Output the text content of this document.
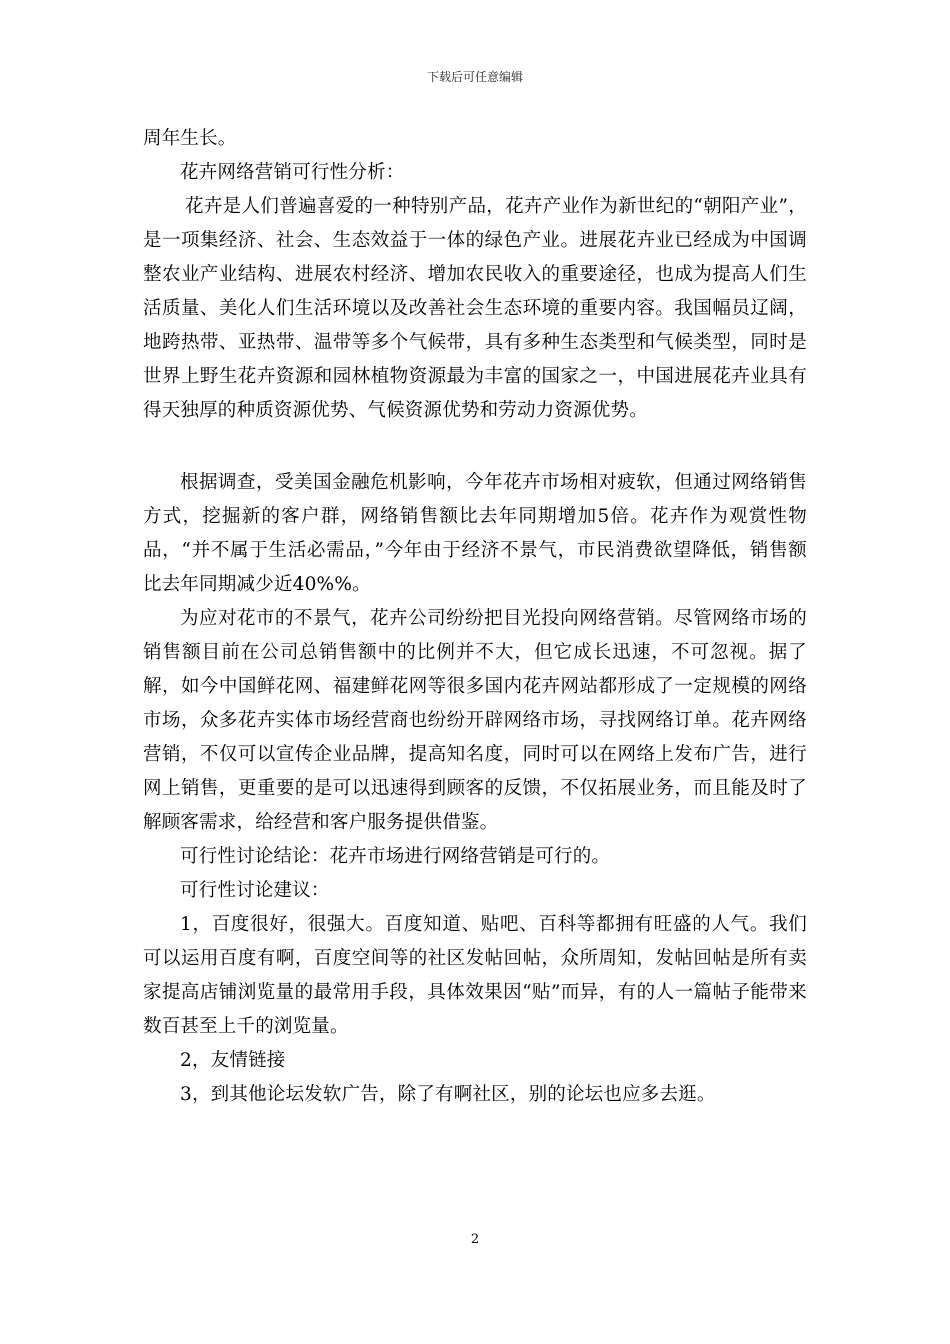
下载后可任意编辑

周年生长。

花卉网络营销可行性分析：

花卉是人们普遍喜爱的一种特别产品，花卉产业作为新世纪的“朝阳产业”，是一项集经济、社会、生态效益于一体的绿色产业。进展花卉业已经成为中国调整农业产业结构、进展农村经济、增加农民收入的重要途径，也成为提高人们生活质量、美化人们生活环境以及改善社会生态环境的重要内容。我国幅员辽阔，地跨热带、亚热带、温带等多个气候带，具有多种生态类型和气候类型，同时是世界上野生花卉资源和园林植物资源最为丰富的国家之一，中国进展花卉业具有得天独厚的种质资源优势、气候资源优势和劳动力资源优势。

根据调查，受美国金融危机影响，今年花卉市场相对疲软，但通过网络销售方式，挖掘新的客户群，网络销售额比去年同期增加5倍。花卉作为观赏性物品，“并不属于生活必需品，”今年由于经济不景气，市民消费欲望降低，销售额比去年同期减少近40%%。

为应对花市的不景气，花卉公司纷纷把目光投向网络营销。尽管网络市场的销售额目前在公司总销售额中的比例并不大，但它成长迅速，不可忽视。据了解，如今中国鲜花网、福建鲜花网等很多国内花卉网站都形成了一定规模的网络市场，众多花卉实体市场经营商也纷纷开辟网络市场，寻找网络订单。花卉网络营销，不仅可以宣传企业品牌，提高知名度，同时可以在网络上发布广告，进行网上销售，更重要的是可以迅速得到顾客的反馈，不仅拓展业务，而且能及时了解顾客需求，给经营和客户服务提供借鉴。

可行性讨论结论：花卉市场进行网络营销是可行的。

可行性讨论建议：

1，百度很好，很强大。百度知道、贴吧、百科等都拥有旺盛的人气。我们可以运用百度有啊，百度空间等的社区发帖回帖，众所周知，发帖回帖是所有卖家提高店铺浏览量的最常用手段，具体效果因“贴”而异，有的人一篇帖子能带来数百甚至上千的浏览量。

2，友情链接

3，到其他论坛发软广告，除了有啊社区，别的论坛也应多去逛。

2
